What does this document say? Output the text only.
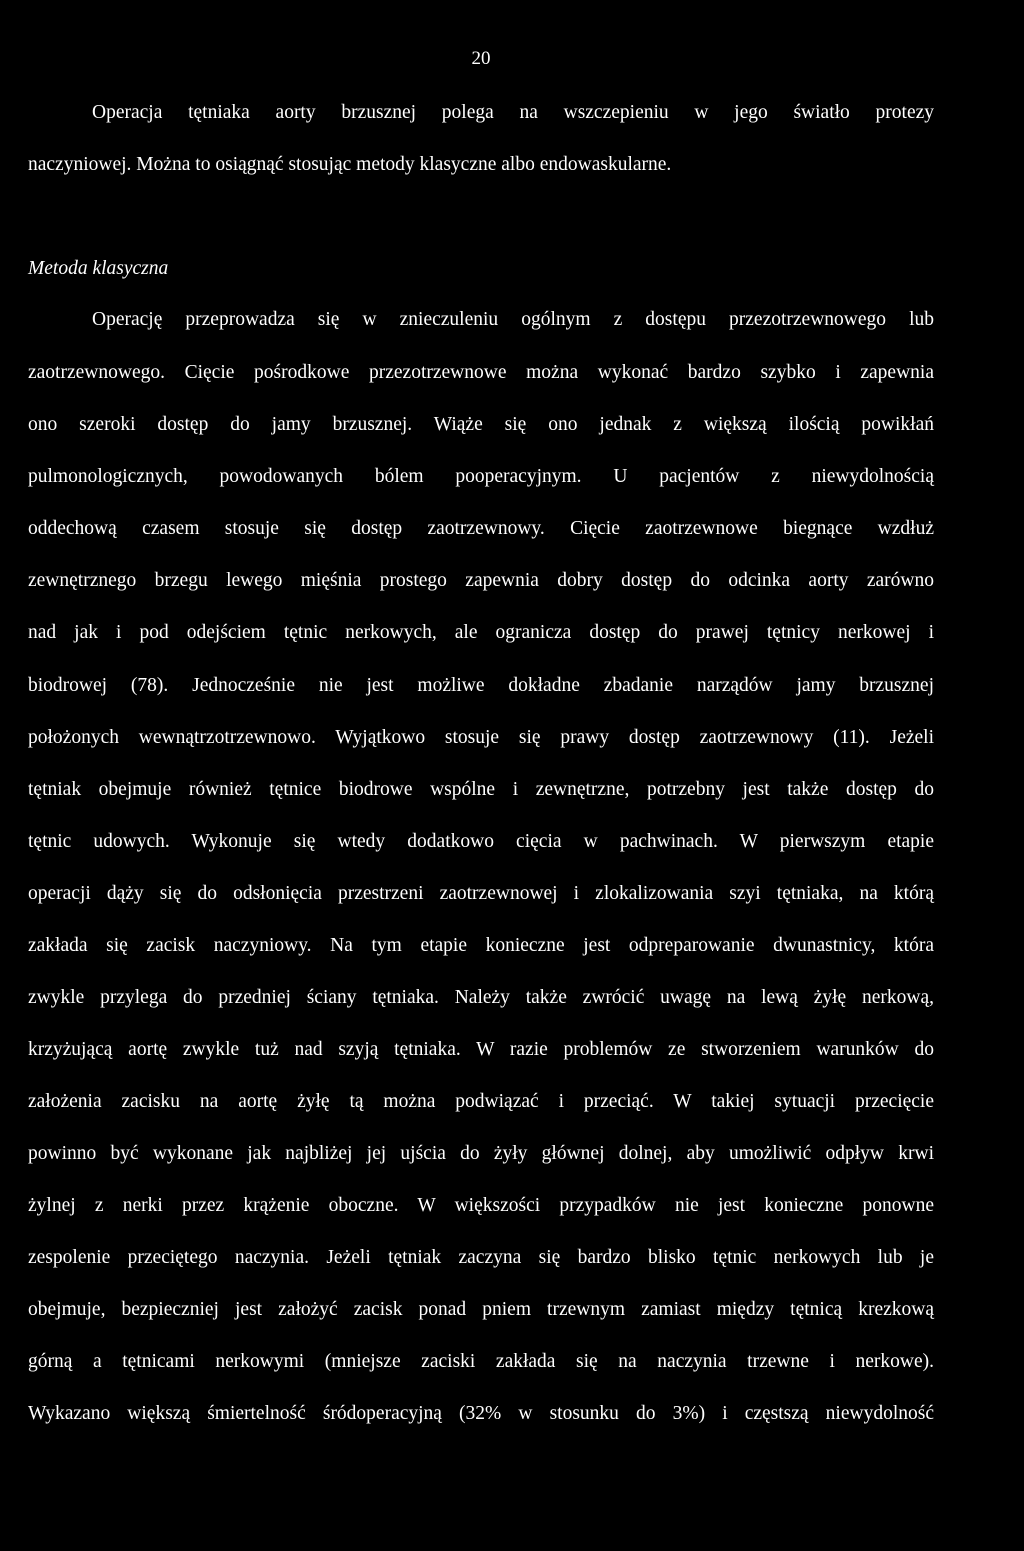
20
Operacja tętniaka aorty brzusznej polega na wszczepieniu w jego światło protezy
naczyniowej. Można to osiągnąć stosując metody klasyczne albo endowaskularne.
Metoda klasyczna
Operację przeprowadza się w znieczuleniu ogólnym z dostępu przezotrzewnowego lub
zaotrzewnowego. Cięcie pośrodkowe przezotrzewnowe można wykonać bardzo szybko i zapewnia
ono szeroki dostęp do jamy brzusznej. Wiąże się ono jednak z większą ilością powikłań
pulmonologicznych, powodowanych bólem pooperacyjnym. U pacjentów z niewydolnością
oddechową czasem stosuje się dostęp zaotrzewnowy. Cięcie zaotrzewnowe biegnące wzdłuż
zewnętrznego brzegu lewego mięśnia prostego zapewnia dobry dostęp do odcinka aorty zarówno
nad jak i pod odejściem tętnic nerkowych, ale ogranicza dostęp do prawej tętnicy nerkowej i
biodrowej (78). Jednocześnie nie jest możliwe dokładne zbadanie narządów jamy brzusznej
położonych wewnątrzotrzewnowo. Wyjątkowo stosuje się prawy dostęp zaotrzewnowy (11). Jeżeli
tętniak obejmuje również tętnice biodrowe wspólne i zewnętrzne, potrzebny jest także dostęp do
tętnic udowych. Wykonuje się wtedy dodatkowo cięcia w pachwinach. W pierwszym etapie
operacji dąży się do odsłonięcia przestrzeni zaotrzewnowej i zlokalizowania szyi tętniaka, na którą
zakłada się zacisk naczyniowy. Na tym etapie konieczne jest odpreparowanie dwunastnicy, która
zwykle przylega do przedniej ściany tętniaka. Należy także zwrócić uwagę na lewą żyłę nerkową,
krzyżującą aortę zwykle tuż nad szyją tętniaka. W razie problemów ze stworzeniem warunków do
założenia zacisku na aortę żyłę tą można podwiązać i przeciąć. W takiej sytuacji przecięcie
powinno być wykonane jak najbliżej jej ujścia do żyły głównej dolnej, aby umożliwić odpływ krwi
żylnej z nerki przez krążenie oboczne. W większości przypadków nie jest konieczne ponowne
zespolenie przeciętego naczynia. Jeżeli tętniak zaczyna się bardzo blisko tętnic nerkowych lub je
obejmuje, bezpieczniej jest założyć zacisk ponad pniem trzewnym zamiast między tętnicą krezkową
górną a tętnicami nerkowymi (mniejsze zaciski zakłada się na naczynia trzewne i nerkowe).
Wykazano większą śmiertelność śródoperacyjną (32% w stosunku do 3%) i częstszą niewydolność
